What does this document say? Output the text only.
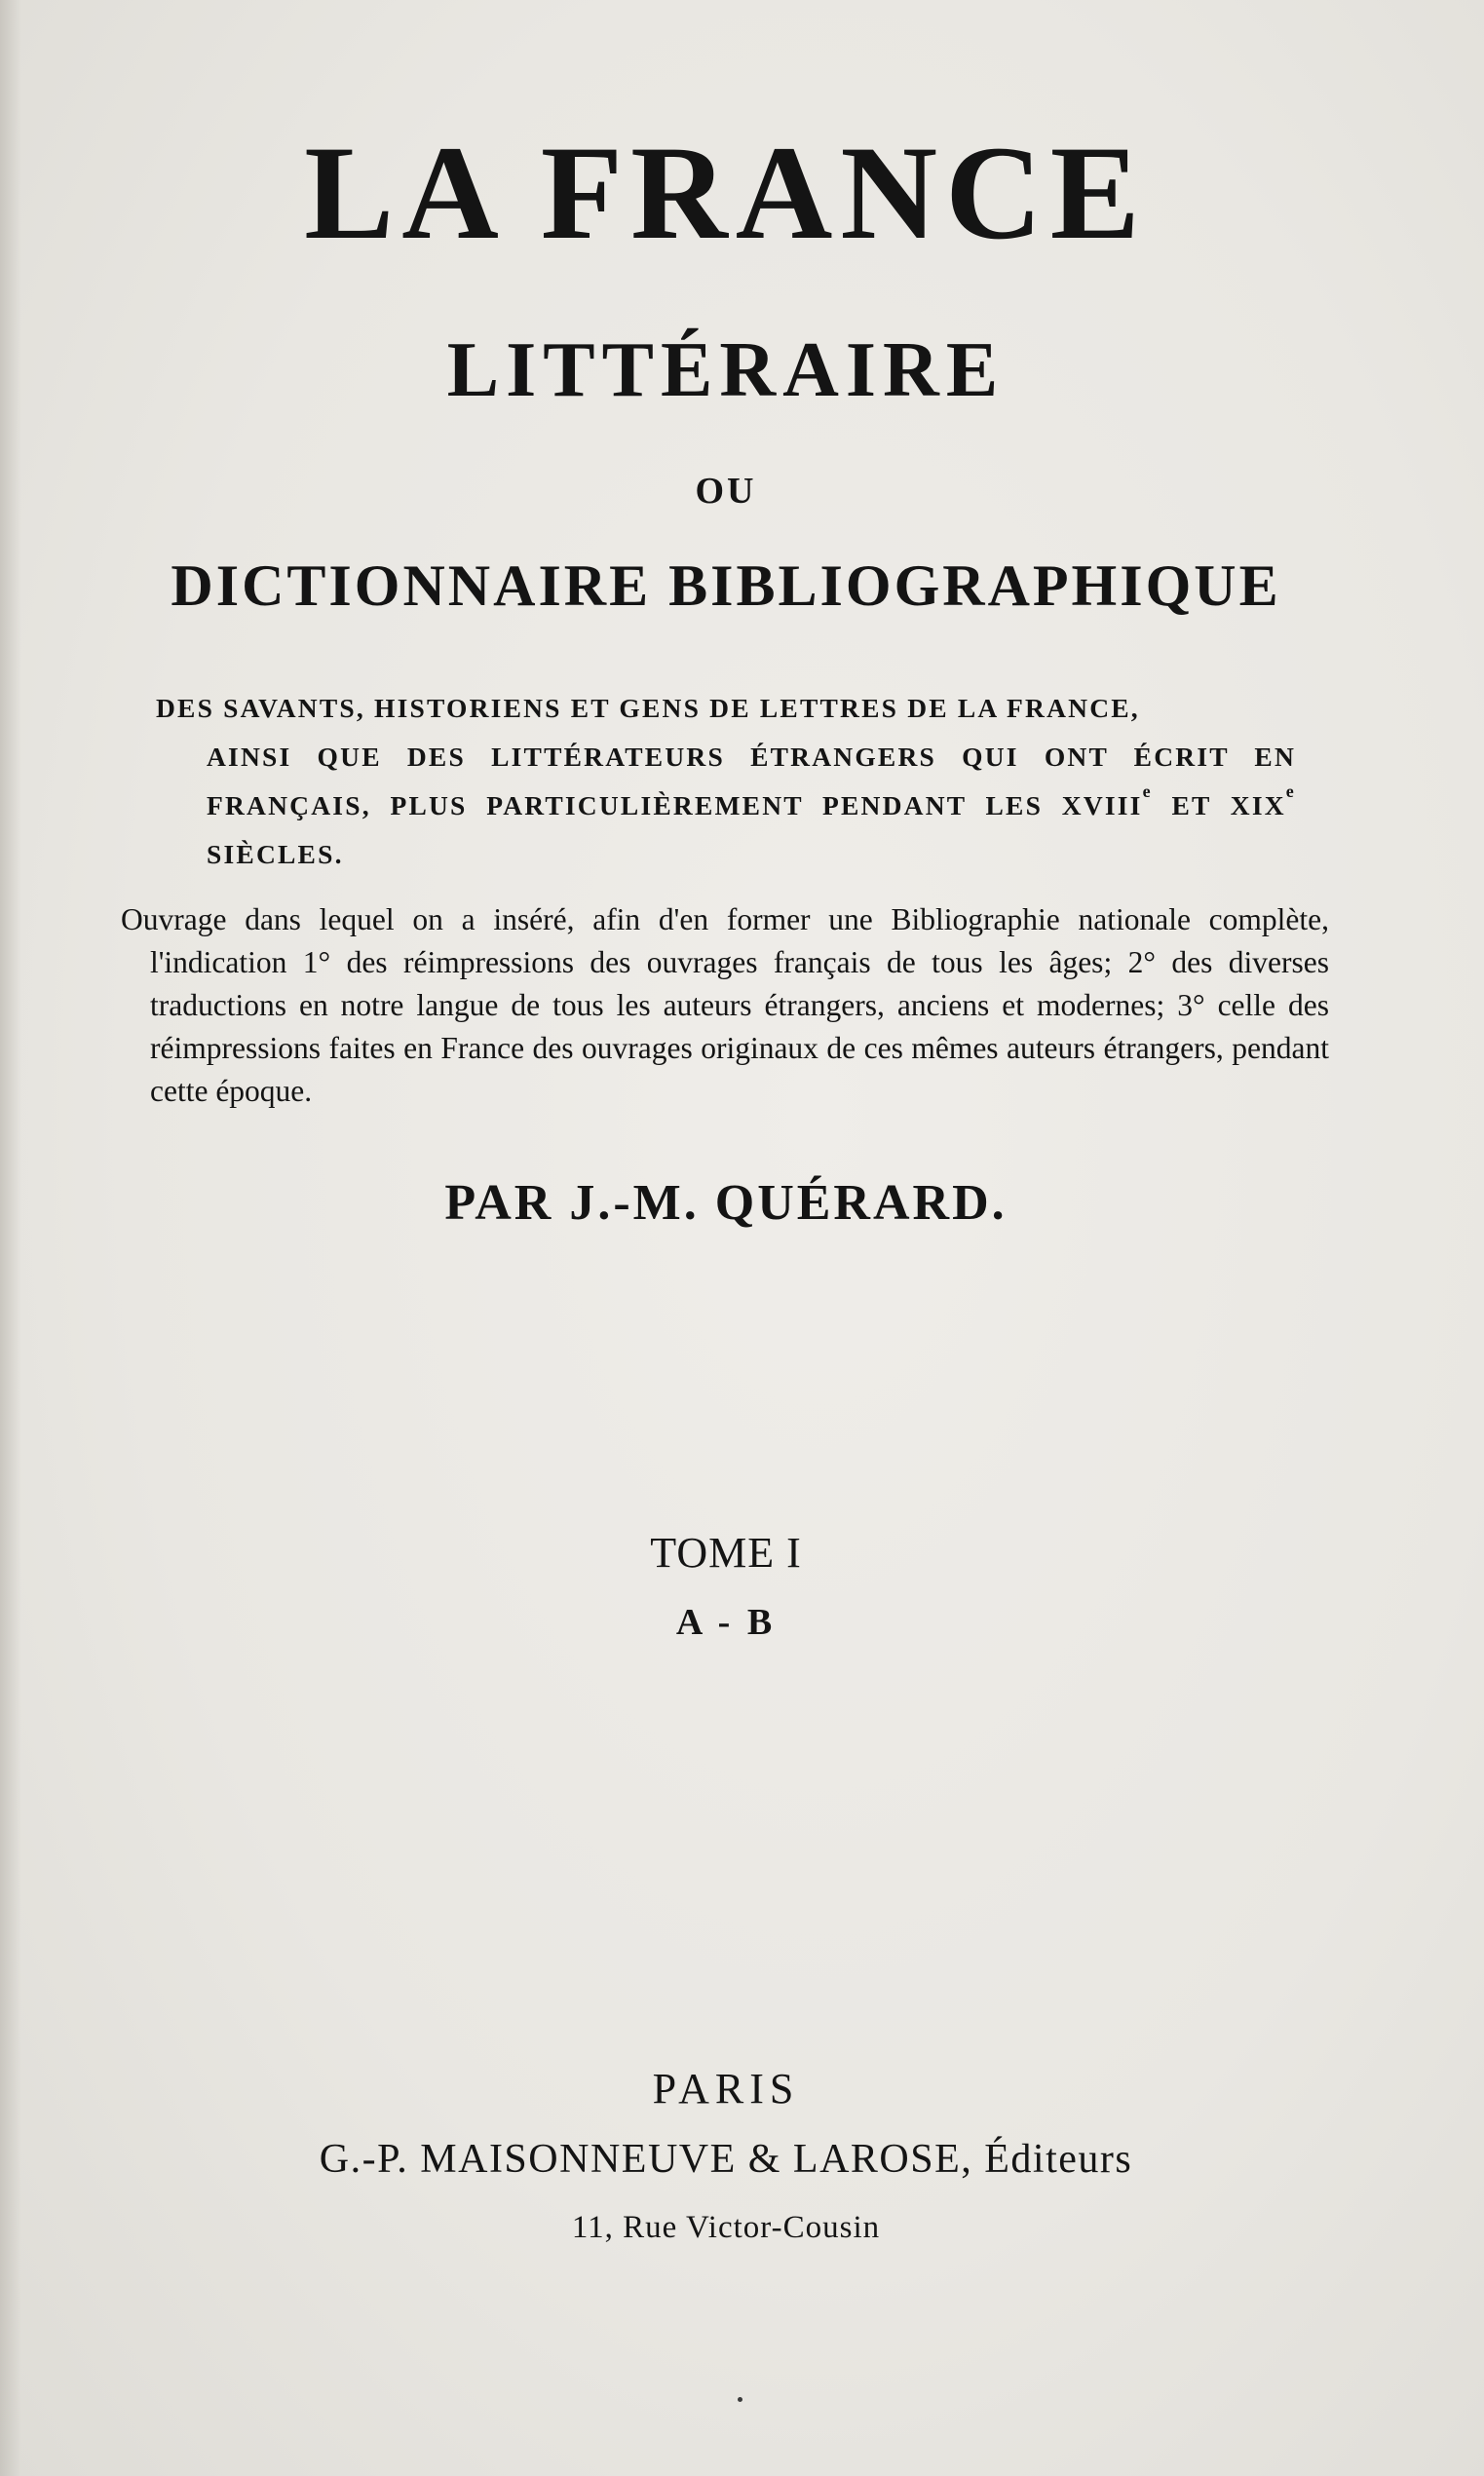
LA FRANCE
LITTÉRAIRE
OU
DICTIONNAIRE BIBLIOGRAPHIQUE
DES SAVANTS, HISTORIENS ET GENS DE LETTRES DE LA FRANCE,
AINSI QUE DES LITTÉRATEURS ÉTRANGERS QUI ONT ÉCRIT EN FRANÇAIS, PLUS PARTICULIÈREMENT PENDANT LES XVIIIe ET XIXe SIÈCLES.
Ouvrage dans lequel on a inséré, afin d'en former une Bibliographie nationale complète,
l'indication 1° des réimpressions des ouvrages français de tous les âges; 2° des diverses traductions en notre langue de tous les auteurs étrangers, anciens et modernes; 3° celle des réimpressions faites en France des ouvrages originaux de ces mêmes auteurs étrangers, pendant cette époque.
PAR J.-M. QUÉRARD.
TOME I
A - B
PARIS
G.-P. MAISONNEUVE & LAROSE, Éditeurs
11, Rue Victor-Cousin
